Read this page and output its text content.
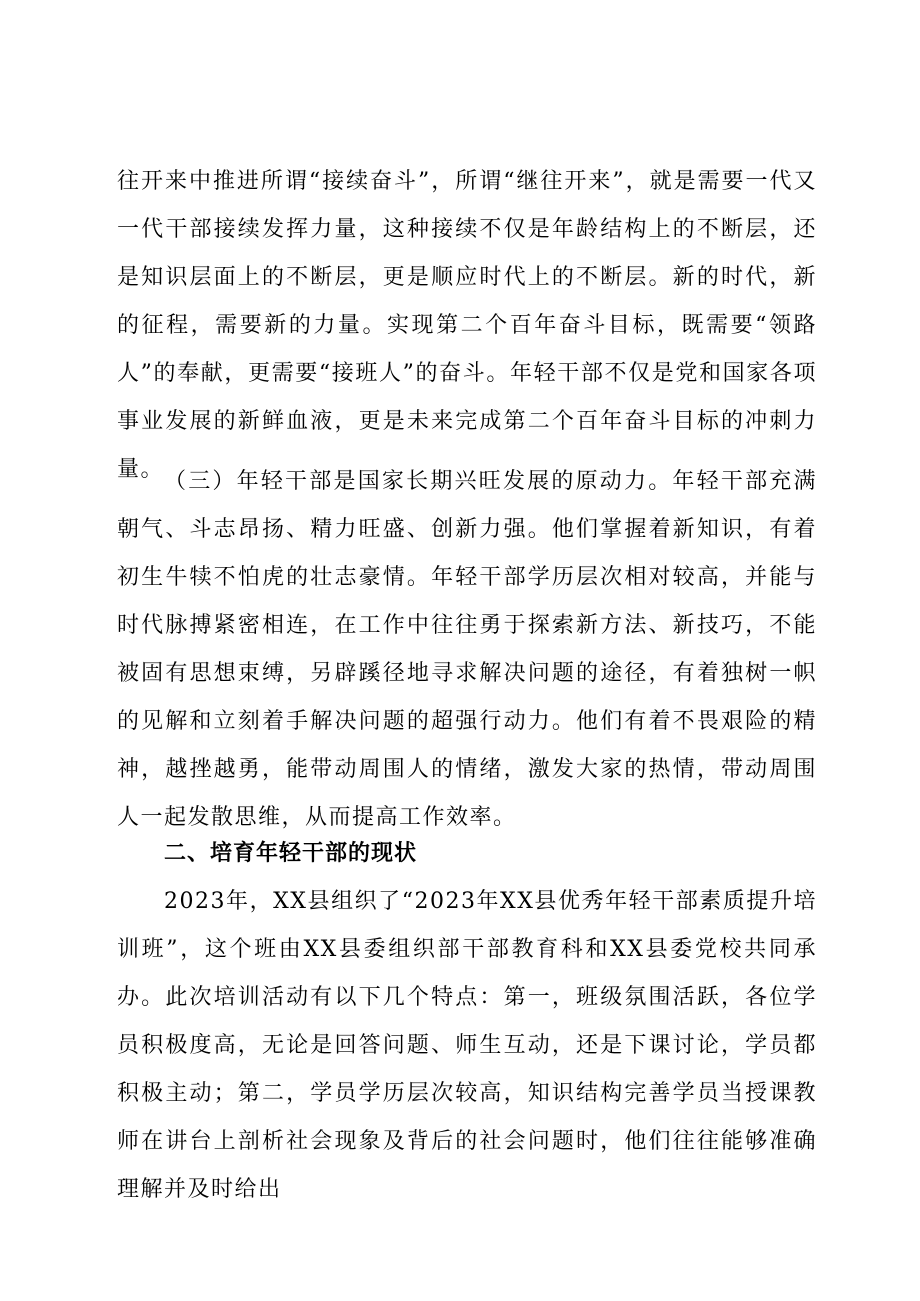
往开来中推进所谓“接续奋斗”，所谓“继往开来”，就是需要一代又一代干部接续发挥力量，这种接续不仅是年龄结构上的不断层，还是知识层面上的不断层，更是顺应时代上的不断层。新的时代，新的征程，需要新的力量。实现第二个百年奋斗目标，既需要“领路人”的奉献，更需要“接班人”的奋斗。年轻干部不仅是党和国家各项事业发展的新鲜血液，更是未来完成第二个百年奋斗目标的冲刺力量。 （三）年轻干部是国家长期兴旺发展的原动力。年轻干部充满朝气、斗志昂扬、精力旺盛、创新力强。他们掌握着新知识，有着初生牛犊不怕虎的壮志豪情。年轻干部学历层次相对较高，并能与时代脉搏紧密相连，在工作中往往勇于探索新方法、新技巧，不能被固有思想束缚，另辟蹊径地寻求解决问题的途径，有着独树一帜的见解和立刻着手解决问题的超强行动力。他们有着不畏艰险的精神，越挫越勇，能带动周围人的情绪，激发大家的热情，带动周围人一起发散思维，从而提高工作效率。

二、培育年轻干部的现状

2023年，XX县组织了“2023年XX县优秀年轻干部素质提升培训班”，这个班由XX县委组织部干部教育科和XX县委党校共同承办。此次培训活动有以下几个特点：第一，班级氛围活跃，各位学员积极度高，无论是回答问题、师生互动，还是下课讨论，学员都积极主动；第二，学员学历层次较高，知识结构完善学员当授课教师在讲台上剖析社会现象及背后的社会问题时，他们往往能够准确理解并及时给出
